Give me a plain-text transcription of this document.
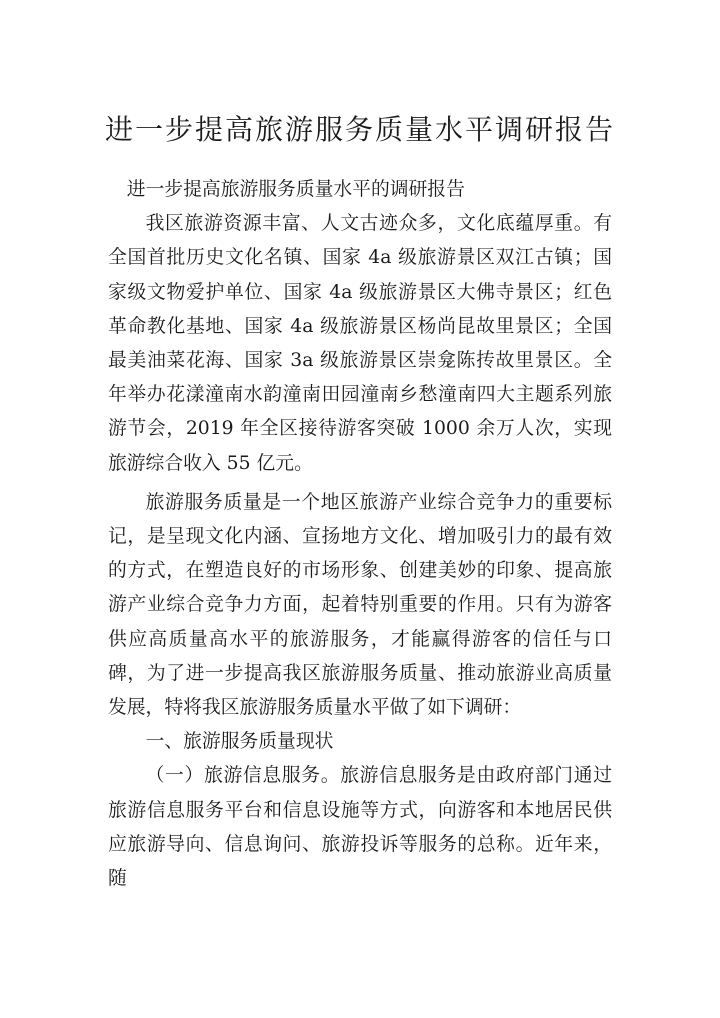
进一步提高旅游服务质量水平调研报告

进一步提高旅游服务质量水平的调研报告

我区旅游资源丰富、人文古迹众多，文化底蕴厚重。有全国首批历史文化名镇、国家 4a 级旅游景区双江古镇；国家级文物爱护单位、国家 4a 级旅游景区大佛寺景区；红色革命教化基地、国家 4a 级旅游景区杨尚昆故里景区；全国最美油菜花海、国家 3a 级旅游景区崇龛陈抟故里景区。全年举办花漾潼南水韵潼南田园潼南乡愁潼南四大主题系列旅游节会，2019 年全区接待游客突破 1000 余万人次，实现旅游综合收入 55 亿元。

旅游服务质量是一个地区旅游产业综合竞争力的重要标记，是呈现文化内涵、宣扬地方文化、增加吸引力的最有效的方式，在塑造良好的市场形象、创建美妙的印象、提高旅游产业综合竞争力方面，起着特别重要的作用。只有为游客供应高质量高水平的旅游服务，才能赢得游客的信任与口碑，为了进一步提高我区旅游服务质量、推动旅游业高质量发展，特将我区旅游服务质量水平做了如下调研：

一、旅游服务质量现状

（一）旅游信息服务。旅游信息服务是由政府部门通过旅游信息服务平台和信息设施等方式，向游客和本地居民供应旅游导向、信息询问、旅游投诉等服务的总称。近年来，随
